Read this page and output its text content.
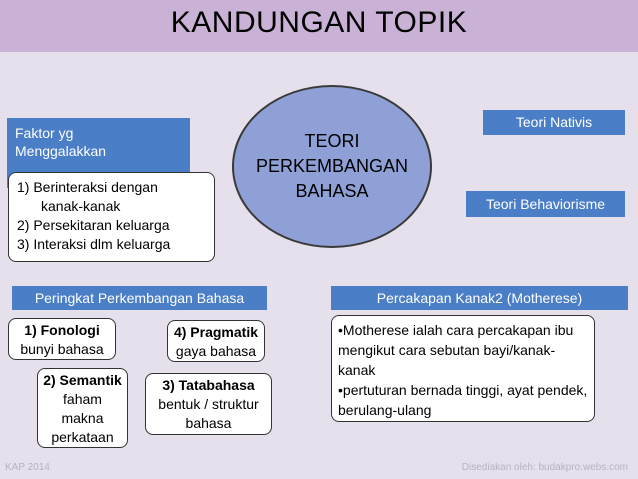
KANDUNGAN TOPIK
Faktor yg
Menggalakkan
1) Berinteraksi dengan
kanak-kanak
2) Persekitaran keluarga
3) Interaksi dlm keluarga
TEORI
PERKEMBANGAN
BAHASA
Teori Nativis
Teori Behaviorisme
Peringkat Perkembangan Bahasa	Percakapan Kanak2 (Motherese)
1) Fonologi
bunyi bahasa
4) Pragmatik
gaya bahasa
2) Semantik
faham
makna
perkataan
3) Tatabahasa
bentuk / struktur
bahasa
•Motherese ialah cara percakapan ibu mengikut cara sebutan bayi/kanak-kanak
•pertuturan bernada tinggi, ayat pendek, berulang-ulang
KAP 2014	Disediakan oleh: budakpro.webs.com
